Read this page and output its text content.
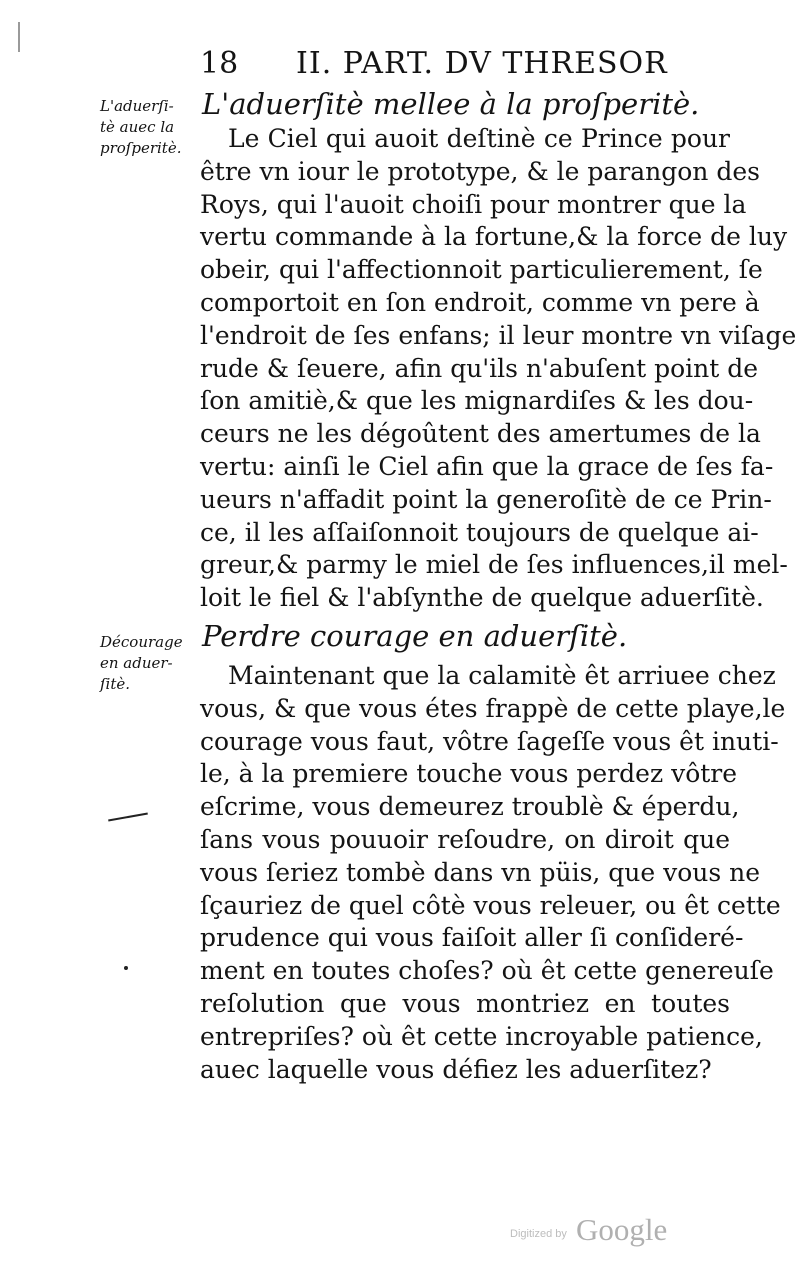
18 II. PART. DV THRESOR
L'aduerſi-
tè auec la
proſperitè.
L'aduerſitè mellee à la proſperitè.
Le Ciel qui auoit deſtinè ce Prince pour
être vn iour le prototype, & le parangon des
Roys, qui l'auoit choiſi pour montrer que la
vertu commande à la fortune,& la force de luy
obeir, qui l'affectionnoit particulierement, ſe
comportoit en ſon endroit, comme vn pere à
l'endroit de ſes enfans; il leur montre vn viſage
rude & ſeuere, afin qu'ils n'abuſent point de
ſon amitiè,& que les mignardiſes & les dou-
ceurs ne les dégoûtent des amertumes de la
vertu: ainſi le Ciel afin que la grace de ſes fa-
ueurs n'affadit point la generoſitè de ce Prin-
ce, il les aſſaiſonnoit toujours de quelque ai-
greur,& parmy le miel de ſes influences,il mel-
loit le fiel & l'abſynthe de quelque aduerſitè.
Décourage
en aduer-
ſitè.
Perdre courage en aduerſitè.
Maintenant que la calamitè êt arriuee chez
vous, & que vous étes frappè de cette playe,le
courage vous faut, vôtre ſageſſe vous êt inuti-
le, à la premiere touche vous perdez vôtre
eſcrime, vous demeurez troublè & éperdu,
ſans vous pouuoir reſoudre, on diroit que
vous ſeriez tombè dans vn püis, que vous ne
ſçauriez de quel côtè vous releuer, ou êt cette
prudence qui vous faiſoit aller ſi conſideré-
ment en toutes choſes? où êt cette genereuſe
reſolution que vous montriez en toutes
entrepriſes? où êt cette incroyable patience,
auec laquelle vous défiez les aduerſitez?
Digitized by Google
